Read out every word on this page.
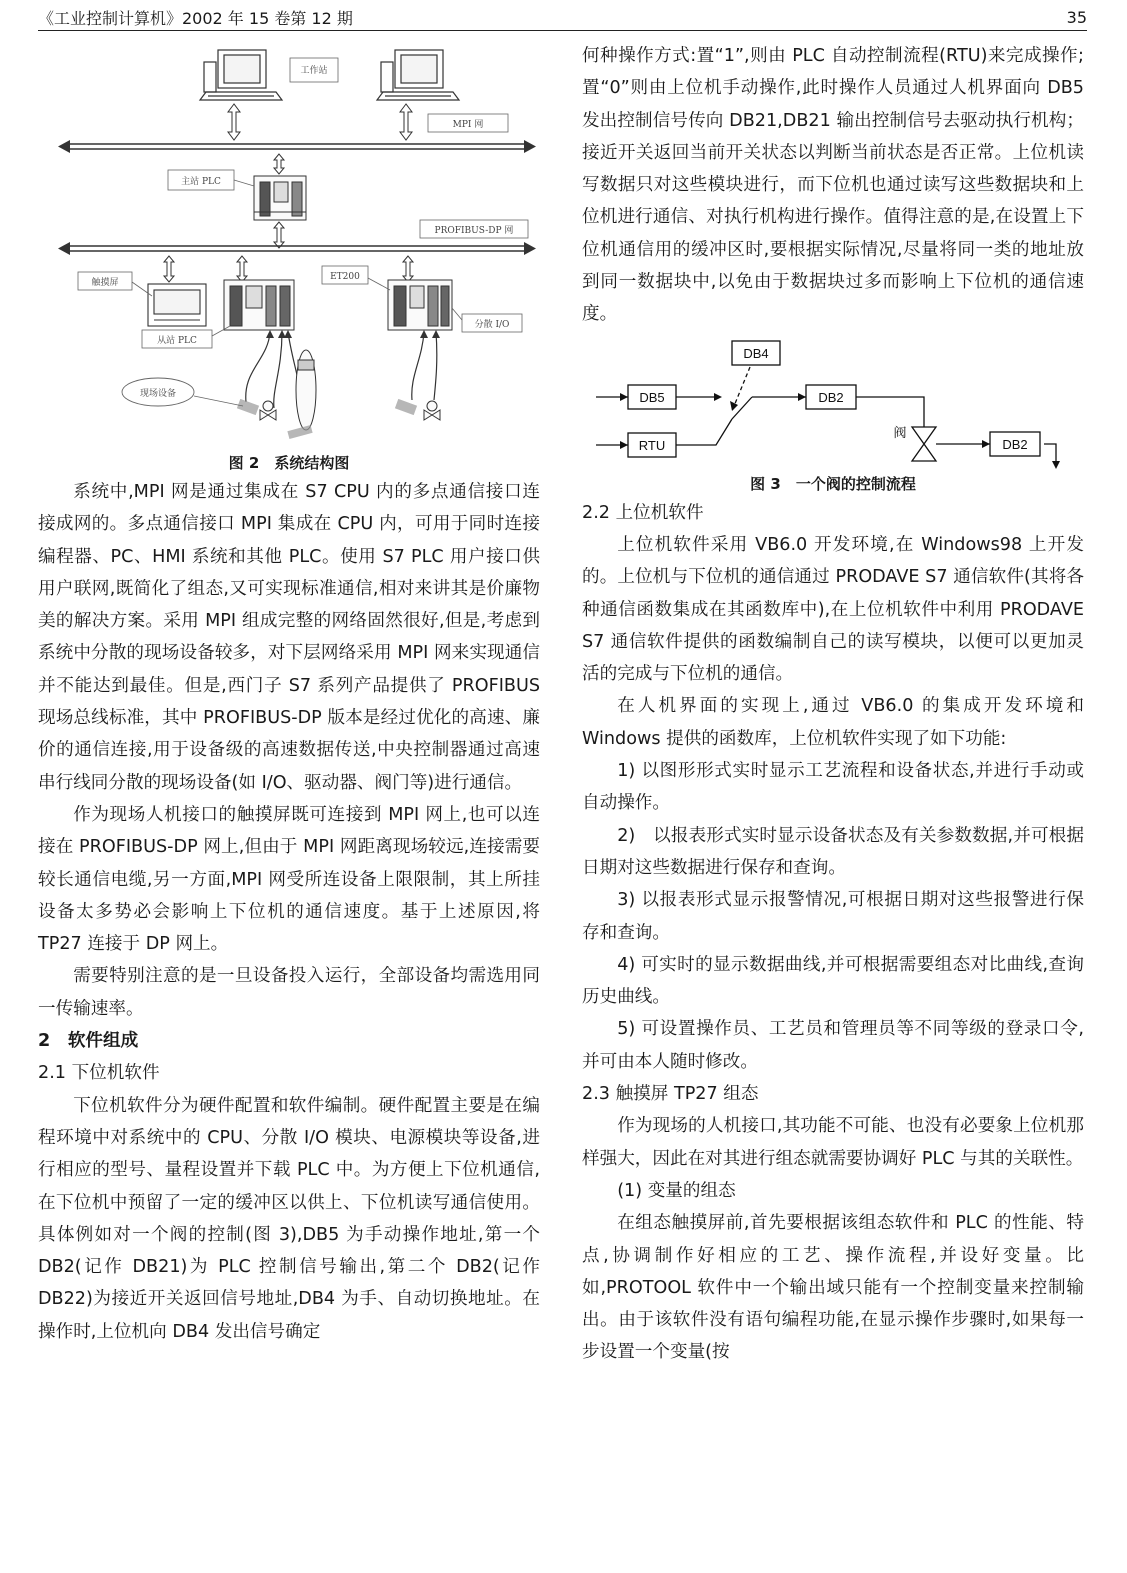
《工业控制计算机》2002 年 15 卷第 12 期	35
工作站
MPI 网
主站 PLC
PROFIBUS-DP 网
触摸屏
从站 PLC
ET200
分散 I/O
现场设备
图 2　系统结构图

系统中,MPI 网是通过集成在 S7 CPU 内的多点通信接口连接成网的。多点通信接口 MPI 集成在 CPU 内，可用于同时连接编程器、PC、HMI 系统和其他 PLC。使用 S7 PLC 用户接口供用户联网,既简化了组态,又可实现标准通信,相对来讲其是价廉物美的解决方案。采用 MPI 组成完整的网络固然很好,但是,考虑到系统中分散的现场设备较多，对下层网络采用 MPI 网来实现通信并不能达到最佳。但是,西门子 S7 系列产品提供了 PROFIBUS 现场总线标准，其中 PROFIBUS-DP 版本是经过优化的高速、廉价的通信连接,用于设备级的高速数据传送,中央控制器通过高速串行线同分散的现场设备(如 I/O、驱动器、阀门等)进行通信。

作为现场人机接口的触摸屏既可连接到 MPI 网上,也可以连接在 PROFIBUS-DP 网上,但由于 MPI 网距离现场较远,连接需要较长通信电缆,另一方面,MPI 网受所连设备上限限制，其上所挂设备太多势必会影响上下位机的通信速度。基于上述原因,将 TP27 连接于 DP 网上。

需要特别注意的是一旦设备投入运行，全部设备均需选用同一传输速率。

2　软件组成

2.1 下位机软件

下位机软件分为硬件配置和软件编制。硬件配置主要是在编程环境中对系统中的 CPU、分散 I/O 模块、电源模块等设备,进行相应的型号、量程设置并下载 PLC 中。为方便上下位机通信,在下位机中预留了一定的缓冲区以供上、下位机读写通信使用。具体例如对一个阀的控制(图 3),DB5 为手动操作地址,第一个 DB2(记作 DB21)为 PLC 控制信号输出,第二个 DB2(记作 DB22)为接近开关返回信号地址,DB4 为手、自动切换地址。在操作时,上位机向 DB4 发出信号确定

何种操作方式:置“1”,则由 PLC 自动控制流程(RTU)来完成操作;置“0”则由上位机手动操作,此时操作人员通过人机界面向 DB5 发出控制信号传向 DB21,DB21 输出控制信号去驱动执行机构；接近开关返回当前开关状态以判断当前状态是否正常。上位机读写数据只对这些模块进行，而下位机也通过读写这些数据块和上位机进行通信、对执行机构进行操作。值得注意的是,在设置上下位机通信用的缓冲区时,要根据实际情况,尽量将同一类的地址放到同一数据块中,以免由于数据块过多而影响上下位机的通信速度。

DB4
DB5	DB2
RTU
阀
DB2
图 3　一个阀的控制流程

2.2 上位机软件

上位机软件采用 VB6.0 开发环境,在 Windows98 上开发的。上位机与下位机的通信通过 PRODAVE S7 通信软件(其将各种通信函数集成在其函数库中),在上位机软件中利用 PRODAVE S7 通信软件提供的函数编制自己的读写模块，以便可以更加灵活的完成与下位机的通信。

在人机界面的实现上,通过 VB6.0 的集成开发环境和 Windows 提供的函数库，上位机软件实现了如下功能:

1) 以图形形式实时显示工艺流程和设备状态,并进行手动或自动操作。

2)　以报表形式实时显示设备状态及有关参数数据,并可根据日期对这些数据进行保存和查询。

3) 以报表形式显示报警情况,可根据日期对这些报警进行保存和查询。

4) 可实时的显示数据曲线,并可根据需要组态对比曲线,查询历史曲线。

5) 可设置操作员、工艺员和管理员等不同等级的登录口令,并可由本人随时修改。

2.3 触摸屏 TP27 组态

作为现场的人机接口,其功能不可能、也没有必要象上位机那样强大，因此在对其进行组态就需要协调好 PLC 与其的关联性。

(1) 变量的组态

在组态触摸屏前,首先要根据该组态软件和 PLC 的性能、特点,协调制作好相应的工艺、操作流程,并设好变量。比如,PROTOOL 软件中一个输出域只能有一个控制变量来控制输出。由于该软件没有语句编程功能,在显示操作步骤时,如果每一步设置一个变量(按
